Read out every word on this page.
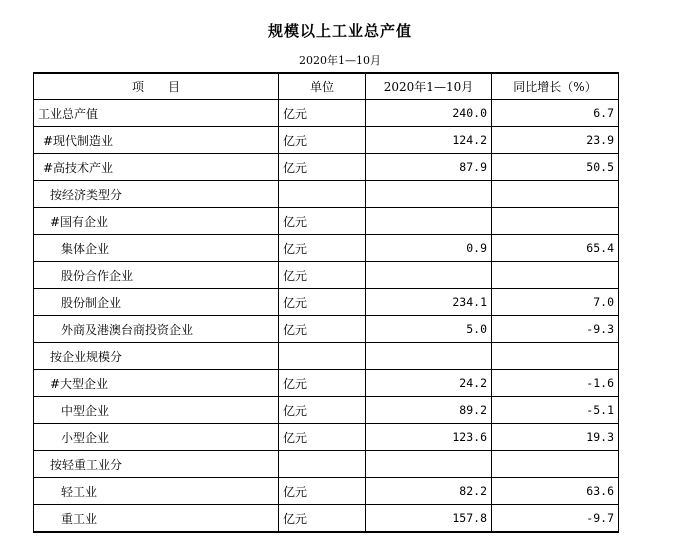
规模以上工业总产值
2020年1—10月
项　　目	单位	2020年1—10月	同比增长（%）
工业总产值	亿元	240.0	6.7
#现代制造业	亿元	124.2	23.9
#高技术产业	亿元	87.9	50.5
按经济类型分			
#国有企业	亿元		
集体企业	亿元	0.9	65.4
股份合作企业	亿元		
股份制企业	亿元	234.1	7.0
外商及港澳台商投资企业	亿元	5.0	-9.3
按企业规模分			
#大型企业	亿元	24.2	-1.6
中型企业	亿元	89.2	-5.1
小型企业	亿元	123.6	19.3
按轻重工业分			
轻工业	亿元	82.2	63.6
重工业	亿元	157.8	-9.7
